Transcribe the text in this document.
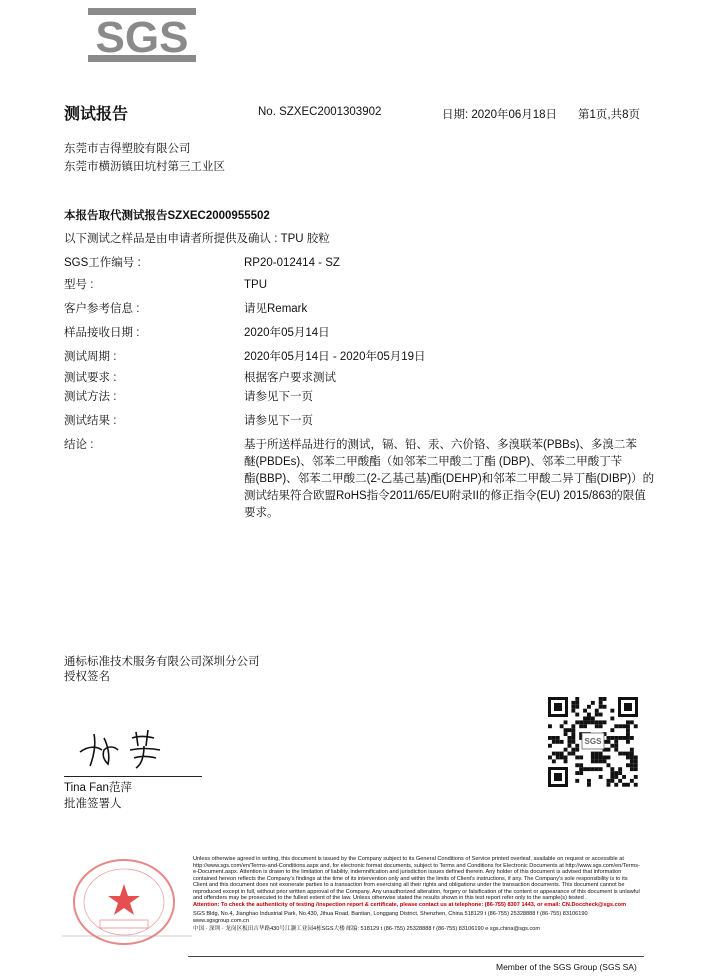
SGS
测试报告	No. SZXEC2001303902	日期: 2020年06月18日 第1页,共8页
东莞市吉得塑胶有限公司
东莞市横沥镇田坑村第三工业区
本报告取代测试报告SZXEC2000955502
以下测试之样品是由申请者所提供及确认 : TPU 胶粒
SGS工作编号 :	RP20-012414 - SZ
型号 :	TPU
客户参考信息 :	请见Remark
样品接收日期 :	2020年05月14日
测试周期 :	2020年05月14日 - 2020年05月19日
测试要求 :	根据客户要求测试
测试方法 :	请参见下一页
测试结果 :	请参见下一页
结论 :	基于所送样品进行的测试，镉、铅、汞、六价铬、多溴联苯(PBBs)、多溴二苯
醚(PBDEs)、邻苯二甲酸酯（如邻苯二甲酸二丁酯 (DBP)、邻苯二甲酸丁苄
酯(BBP)、邻苯二甲酸二(2-乙基己基)酯(DEHP)和邻苯二甲酸二异丁酯(DIBP)）的
测试结果符合欧盟RoHS指令2011/65/EU附录II的修正指令(EU) 2015/863的限值
要求。
通标标准技术服务有限公司深圳分公司
授权签名
Tina Fan范萍
批准签署人
SGS
Unless otherwise agreed in writing, this document is issued by the Company subject to its General Conditions of Service printed overleaf, available on request or accessible at http://www.sgs.com/en/Terms-and-Conditions.aspx and, for electronic format documents, subject to Terms and Conditions for Electronic Documents at http://www.sgs.com/en/Terms-e-Document.aspx. Attention is drawn to the limitation of liability, indemnification and jurisdiction issues defined therein. Any holder of this document is advised that information contained hereon reflects the Company's findings at the time of its intervention only and within the limits of Client's instructions, if any. The Company's sole responsibility is to its Client and this document does not exonerate parties to a transaction from exercising all their rights and obligations under the transaction documents. This document cannot be reproduced except in full, without prior written approval of the Company. Any unauthorized alteration, forgery or falsification of the content or appearance of this document is unlawful and offenders may be prosecuted to the fullest extent of the law. Unless otherwise stated the results shown in this test report refer only to the sample(s) tested .
Attention: To check the authenticity of testing /inspection report & certificate, please contact us at telephone: (86-755) 8307 1443, or email: CN.Doccheck@sgs.com
SGS Bldg, No.4, Jianghao Industrial Park, No.430, Jihua Road, Bantian, Longgang District, Shenzhen, China 518129 t (86-755) 25328888 f (86-755) 83106190 www.sgsgroup.com.cn
中国 · 深圳 · 龙岗区板田吉华路430号江灏工业园4栋SGS大楼 邮编: 518129 t (86-755) 25328888 f (86-755) 83106190 e sgs.china@sgs.com
Member of the SGS Group (SGS SA)
